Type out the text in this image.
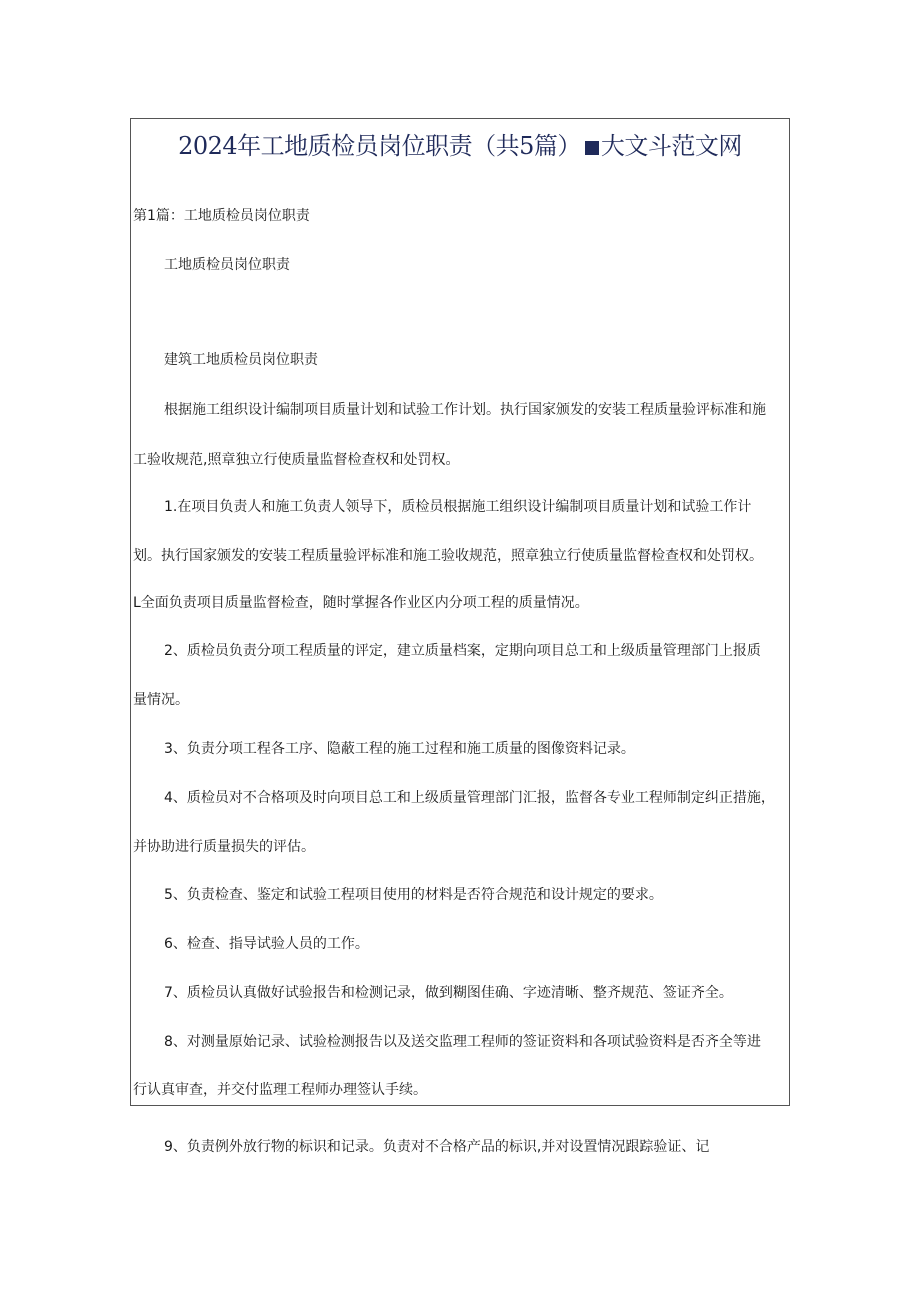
2024年工地质检员岗位职责（共5篇） 大文斗范文网
第1篇：工地质检员岗位职责
工地质检员岗位职责
建筑工地质检员岗位职责
根据施工组织设计编制项目质量计划和试验工作计划。执行国家颁发的安装工程质量验评标准和施
工验收规范,照章独立行使质量监督检查权和处罚权。
1.在项目负责人和施工负责人领导下，质检员根据施工组织设计编制项目质量计划和试验工作计
划。执行国家颁发的安装工程质量验评标准和施工验收规范，照章独立行使质量监督检查权和处罚权。
L全面负责项目质量监督检查，随时掌握各作业区内分项工程的质量情况。
2、质检员负责分项工程质量的评定，建立质量档案，定期向项目总工和上级质量管理部门上报质
量情况。
3、负责分项工程各工序、隐蔽工程的施工过程和施工质量的图像资料记录。
4、质检员对不合格项及时向项目总工和上级质量管理部门汇报，监督各专业工程师制定纠正措施，
并协助进行质量损失的评估。
5、负责检查、鉴定和试验工程项目使用的材料是否符合规范和设计规定的要求。
6、检查、指导试验人员的工作。
7、质检员认真做好试验报告和检测记录，做到糊图佳确、字迹清晰、整齐规范、签证齐全。
8、对测量原始记录、试验检测报告以及送交监理工程师的签证资料和各项试验资料是否齐全等进
行认真审查，并交付监理工程师办理签认手续。
9、负责例外放行物的标识和记录。负责对不合格产品的标识,并对设置情况跟踪验证、记
